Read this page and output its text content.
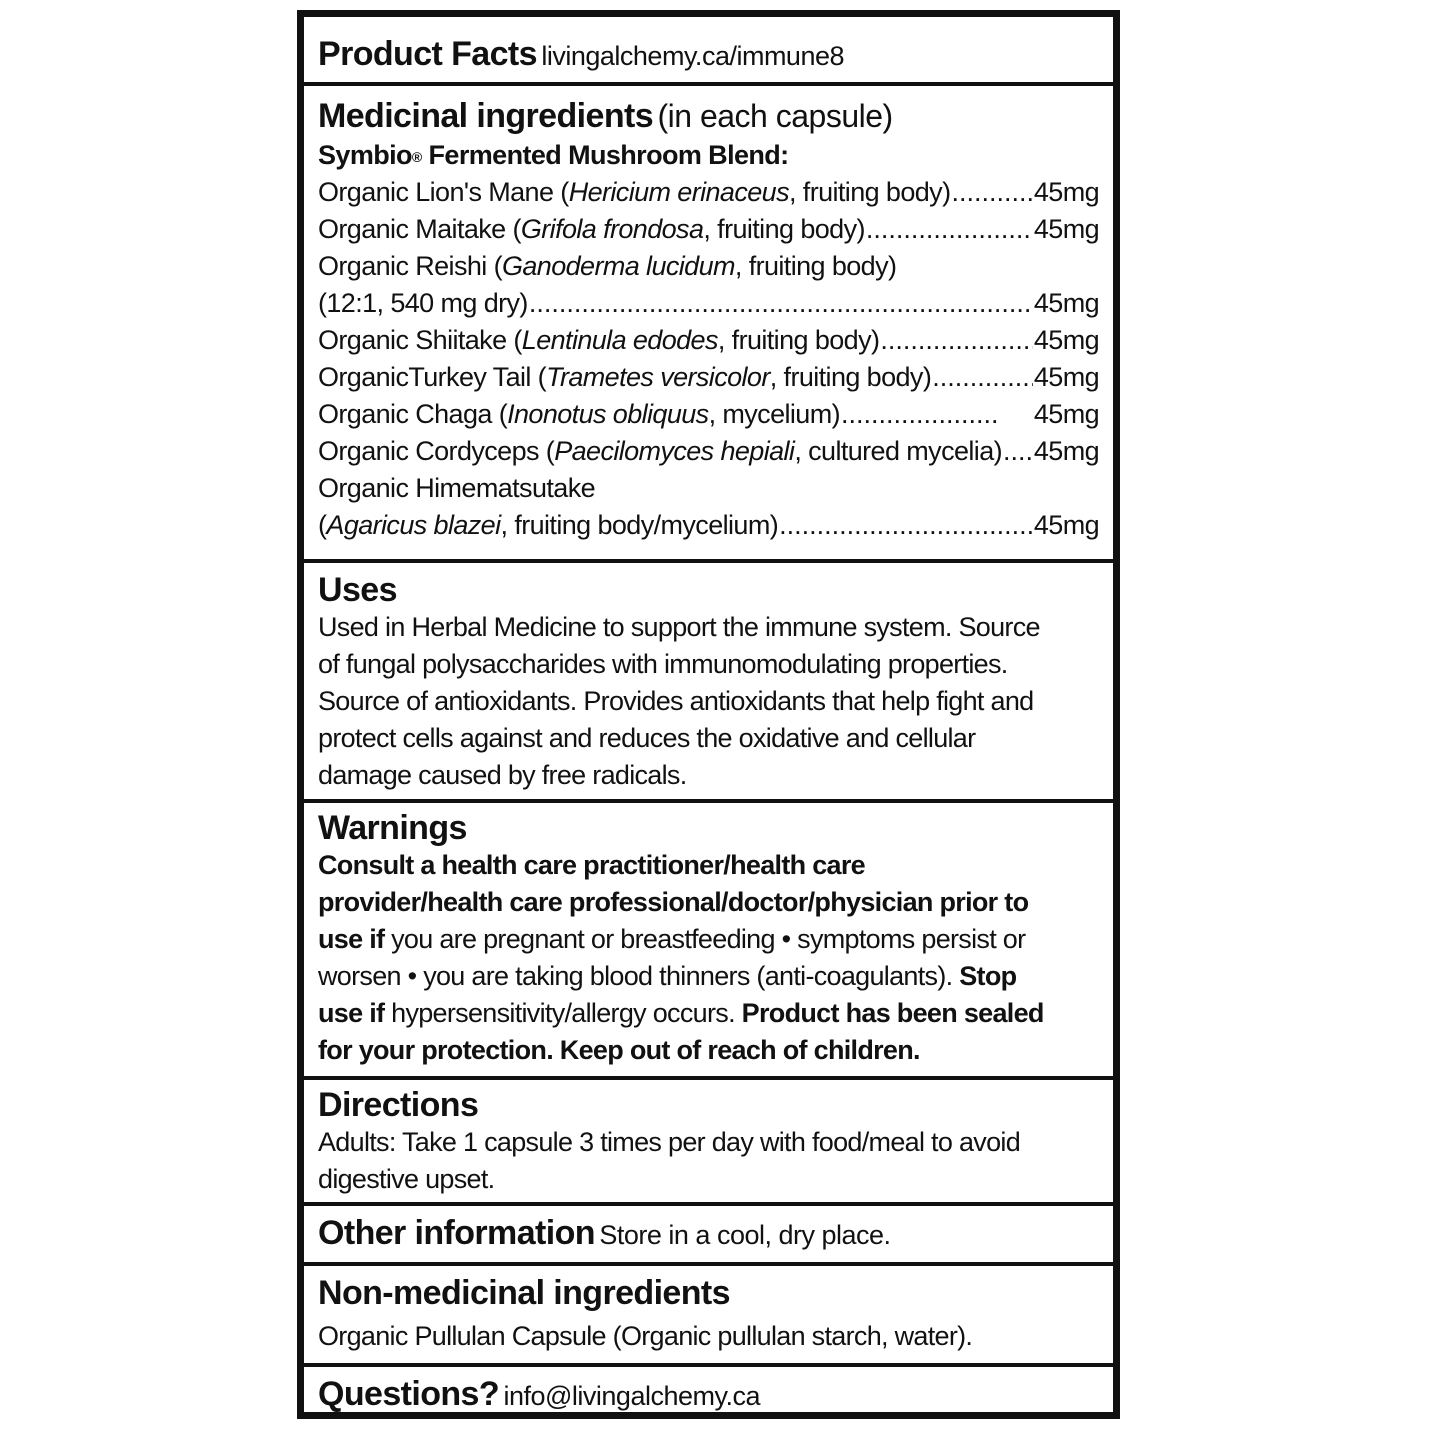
Product Facts livingalchemy.ca/immune8
Medicinal ingredients (in each capsule)
Symbio® Fermented Mushroom Blend:
Organic Lion's Mane ( Hericium erinaceus , fruiting body) .....	45mg
Organic Maitake ( Grifola frondosa , fruiting body) .....	45mg
Organic Reishi ( Ganoderma lucidum , fruiting body)
(12:1, 540 mg dry) .....	45mg
Organic Shiitake ( Lentinula edodes , fruiting body) .....	45mg
OrganicTurkey Tail ( Trametes versicolor , fruiting body) .....	45mg
Organic Chaga ( Inonotus obliquus , mycelium) .....	45mg
Organic Cordyceps ( Paecilomyces hepiali , cultured mycelia) ..... 45mg
Organic Himematsutake
( Agaricus blazei , fruiting body/mycelium) .....	45mg
Uses
Used in Herbal Medicine to support the immune system. Source
of fungal polysaccharides with immunomodulating properties.
Source of antioxidants. Provides antioxidants that help fight and
protect cells against and reduces the oxidative and cellular
damage caused by free radicals.
Warnings
Consult a health care practitioner/health care
provider/health care professional/doctor/physician prior to
use if you are pregnant or breastfeeding • symptoms persist or
worsen • you are taking blood thinners (anti-coagulants). Stop
use if hypersensitivity/allergy occurs. Product has been sealed
for your protection. Keep out of reach of children.
Directions
Adults: Take 1 capsule 3 times per day with food/meal to avoid
digestive upset.
Other information Store in a cool, dry place.
Non-medicinal ingredients
Organic Pullulan Capsule (Organic pullulan starch, water).
Questions? info@livingalchemy.ca
